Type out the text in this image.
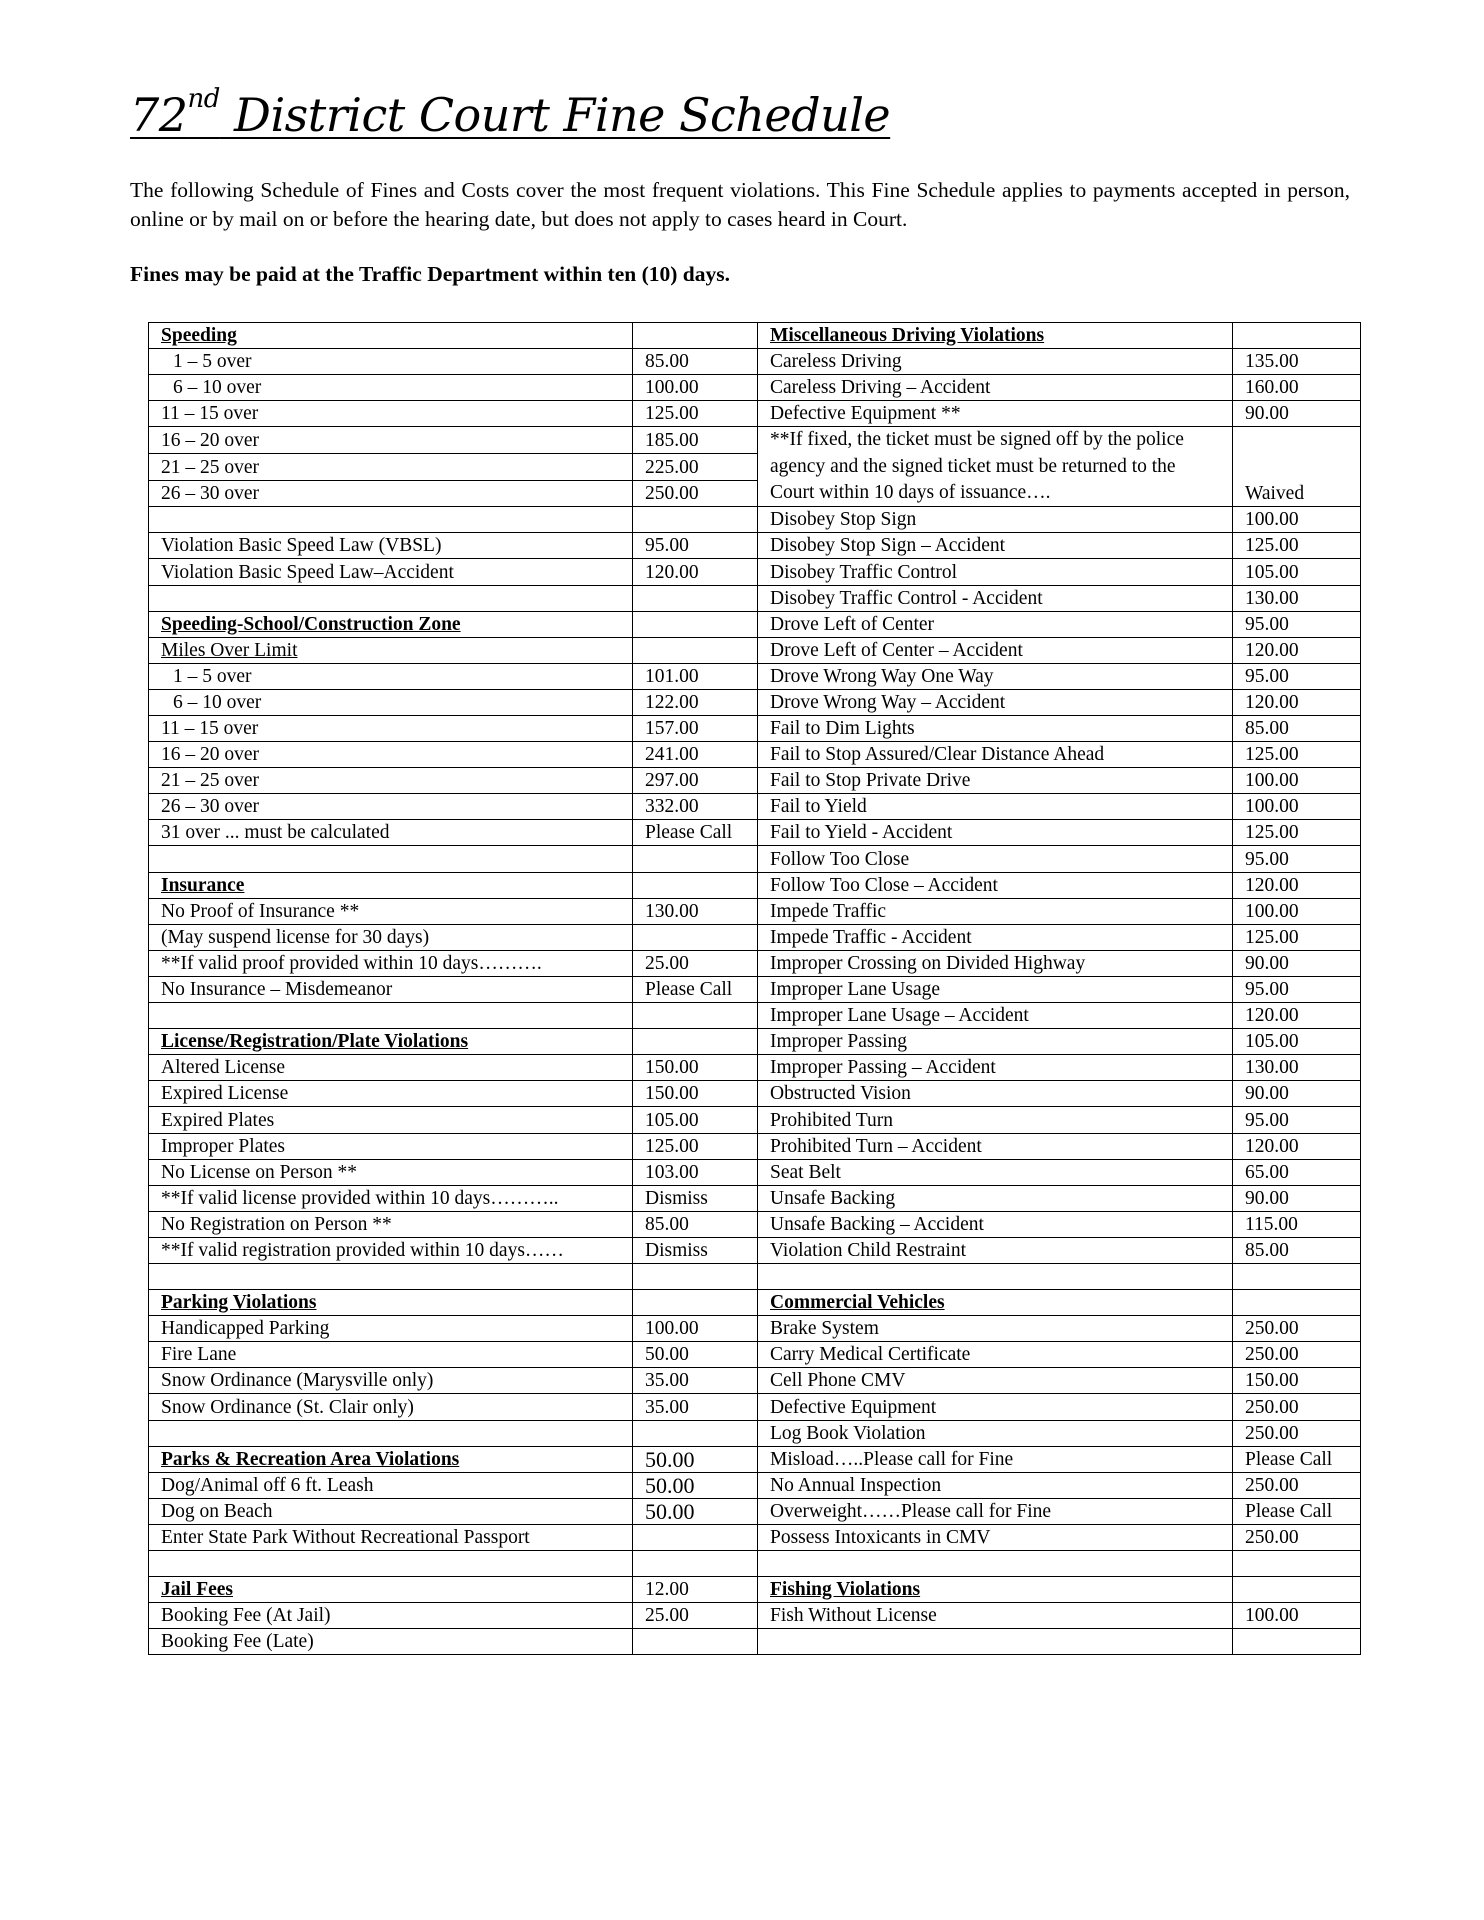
72nd District Court Fine Schedule

The following Schedule of Fines and Costs cover the most frequent violations. This Fine Schedule applies to payments accepted in person, online or by mail on or before the hearing date, but does not apply to cases heard in Court.

Fines may be paid at the Traffic Department within ten (10) days.

Speeding		Miscellaneous Driving Violations	
1 – 5 over	85.00	Careless Driving	135.00
6 – 10 over	100.00	Careless Driving – Accident	160.00
11 – 15 over	125.00	Defective Equipment **	90.00
16 – 20 over	185.00	**If fixed, the ticket must be signed off by the police agency and the signed ticket must be returned to the Court within 10 days of issuance….	Waived
21 – 25 over	225.00		
26 – 30 over	250.00		
		Disobey Stop Sign	100.00
Violation Basic Speed Law (VBSL)	95.00	Disobey Stop Sign – Accident	125.00
Violation Basic Speed Law–Accident	120.00	Disobey Traffic Control	105.00
		Disobey Traffic Control - Accident	130.00
Speeding-School/Construction Zone		Drove Left of Center	95.00
Miles Over Limit		Drove Left of Center – Accident	120.00
1 – 5 over	101.00	Drove Wrong Way One Way	95.00
6 – 10 over	122.00	Drove Wrong Way – Accident	120.00
11 – 15 over	157.00	Fail to Dim Lights	85.00
16 – 20 over	241.00	Fail to Stop Assured/Clear Distance Ahead	125.00
21 – 25 over	297.00	Fail to Stop Private Drive	100.00
26 – 30 over	332.00	Fail to Yield	100.00
31 over ... must be calculated	Please Call	Fail to Yield - Accident	125.00
		Follow Too Close	95.00
Insurance		Follow Too Close – Accident	120.00
No Proof of Insurance **	130.00	Impede Traffic	100.00
(May suspend license for 30 days)		Impede Traffic - Accident	125.00
**If valid proof provided within 10 days……….	25.00	Improper Crossing on Divided Highway	90.00
No Insurance – Misdemeanor	Please Call	Improper Lane Usage	95.00
		Improper Lane Usage – Accident	120.00
License/Registration/Plate Violations		Improper Passing	105.00
Altered License	150.00	Improper Passing – Accident	130.00
Expired License	150.00	Obstructed Vision	90.00
Expired Plates	105.00	Prohibited Turn	95.00
Improper Plates	125.00	Prohibited Turn – Accident	120.00
No License on Person **	103.00	Seat Belt	65.00
**If valid license provided within 10 days………..	Dismiss	Unsafe Backing	90.00
No Registration on Person **	85.00	Unsafe Backing – Accident	115.00
**If valid registration provided within 10 days……	Dismiss	Violation Child Restraint	85.00

Parking Violations		Commercial Vehicles	
Handicapped Parking	100.00	Brake System	250.00
Fire Lane	50.00	Carry Medical Certificate	250.00
Snow Ordinance (Marysville only)	35.00	Cell Phone CMV	150.00
Snow Ordinance (St. Clair only)	35.00	Defective Equipment	250.00
		Log Book Violation	250.00
Parks & Recreation Area Violations	50.00	Misload…..Please call for Fine	Please Call
Dog/Animal off 6 ft. Leash	50.00	No Annual Inspection	250.00
Dog on Beach	50.00	Overweight……Please call for Fine	Please Call
Enter State Park Without Recreational Passport		Possess Intoxicants in CMV	250.00

Jail Fees	12.00	Fishing Violations	
Booking Fee (At Jail)	25.00	Fish Without License	100.00
Booking Fee (Late)			
